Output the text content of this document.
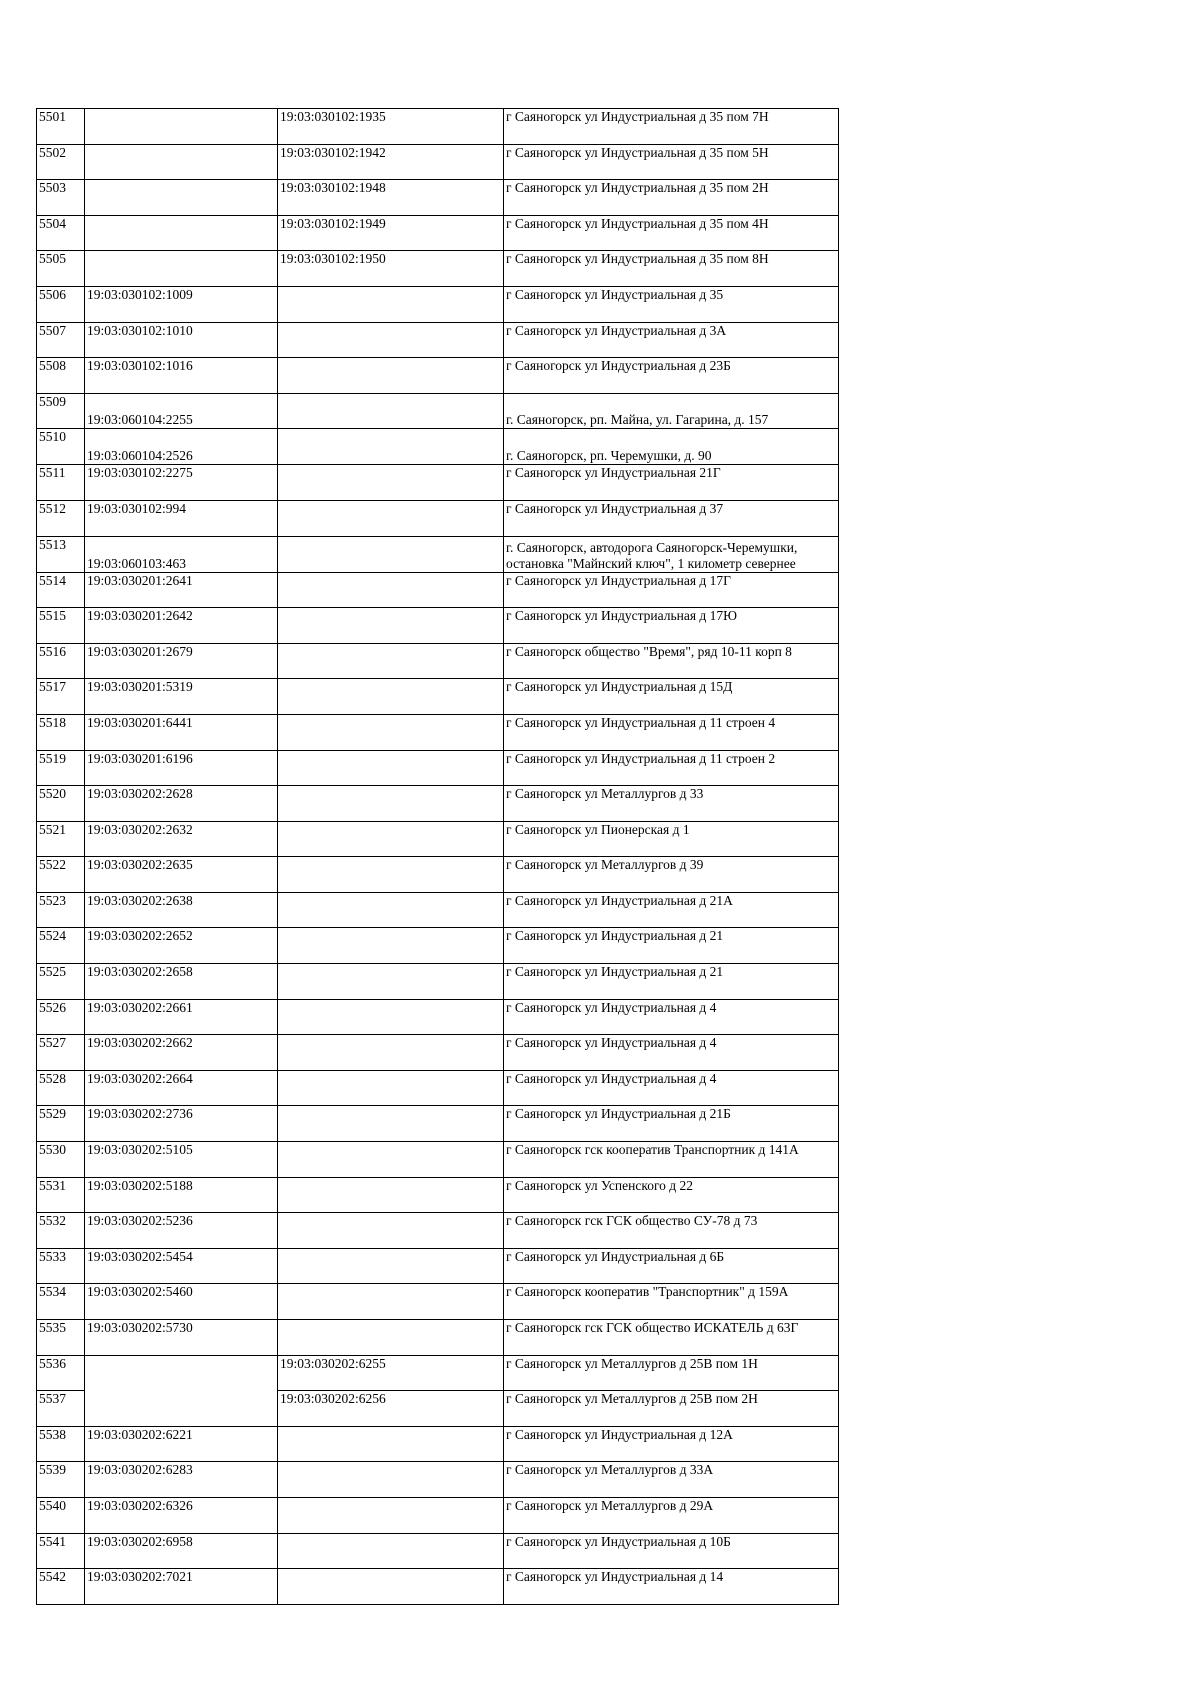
5501		19:03:030102:1935	г Саяногорск ул Индустриальная д 35 пом 7Н

5502		19:03:030102:1942	г Саяногорск ул Индустриальная д 35 пом 5Н

5503		19:03:030102:1948	г Саяногорск ул Индустриальная д 35 пом 2Н

5504		19:03:030102:1949	г Саяногорск ул Индустриальная д 35 пом 4Н

5505		19:03:030102:1950	г Саяногорск ул Индустриальная д 35 пом 8Н

5506	19:03:030102:1009		г Саяногорск ул Индустриальная д 35

5507	19:03:030102:1010		г Саяногорск ул Индустриальная д 3А

5508	19:03:030102:1016		г Саяногорск ул Индустриальная д 23Б

5509	19:03:060104:2255		г. Саяногорск, рп. Майна, ул. Гагарина, д. 157

5510	19:03:060104:2526		г. Саяногорск, рп. Черемушки, д. 90

5511	19:03:030102:2275		г Саяногорск ул Индустриальная 21Г

5512	19:03:030102:994		г Саяногорск ул Индустриальная д 37

5513	19:03:060103:463		г. Саяногорск, автодорога Саяногорск-Черемушки, остановка "Майнский ключ", 1 километр севернее

5514	19:03:030201:2641		г Саяногорск ул Индустриальная д 17Г

5515	19:03:030201:2642		г Саяногорск ул Индустриальная д 17Ю

5516	19:03:030201:2679		г Саяногорск общество "Время", ряд 10-11 корп 8

5517	19:03:030201:5319		г Саяногорск ул Индустриальная д 15Д

5518	19:03:030201:6441		г Саяногорск ул Индустриальная д 11 строен 4

5519	19:03:030201:6196		г Саяногорск ул Индустриальная д 11 строен 2

5520	19:03:030202:2628		г Саяногорск ул Металлургов д 33

5521	19:03:030202:2632		г Саяногорск ул Пионерская д 1

5522	19:03:030202:2635		г Саяногорск ул Металлургов д 39

5523	19:03:030202:2638		г Саяногорск ул Индустриальная д 21А

5524	19:03:030202:2652		г Саяногорск ул Индустриальная д 21

5525	19:03:030202:2658		г Саяногорск ул Индустриальная д 21

5526	19:03:030202:2661		г Саяногорск ул Индустриальная д 4

5527	19:03:030202:2662		г Саяногорск ул Индустриальная д 4

5528	19:03:030202:2664		г Саяногорск ул Индустриальная д 4

5529	19:03:030202:2736		г Саяногорск ул Индустриальная д 21Б

5530	19:03:030202:5105		г Саяногорск гск кооператив Транспортник д 141А

5531	19:03:030202:5188		г Саяногорск ул Успенского д 22

5532	19:03:030202:5236		г Саяногорск гск ГСК общество СУ-78 д 73

5533	19:03:030202:5454		г Саяногорск ул Индустриальная д 6Б

5534	19:03:030202:5460		г Саяногорск кооператив "Транспортник" д 159А

5535	19:03:030202:5730		г Саяногорск гск ГСК общество ИСКАТЕЛЬ д 63Г

5536		19:03:030202:6255	г Саяногорск ул Металлургов д 25В пом 1Н

5537		19:03:030202:6256	г Саяногорск ул Металлургов д 25В пом 2Н

5538	19:03:030202:6221		г Саяногорск ул Индустриальная д 12А

5539	19:03:030202:6283		г Саяногорск ул Металлургов д 33А

5540	19:03:030202:6326		г Саяногорск ул Металлургов д 29А

5541	19:03:030202:6958		г Саяногорск ул Индустриальная д 10Б

5542	19:03:030202:7021		г Саяногорск ул Индустриальная д 14
